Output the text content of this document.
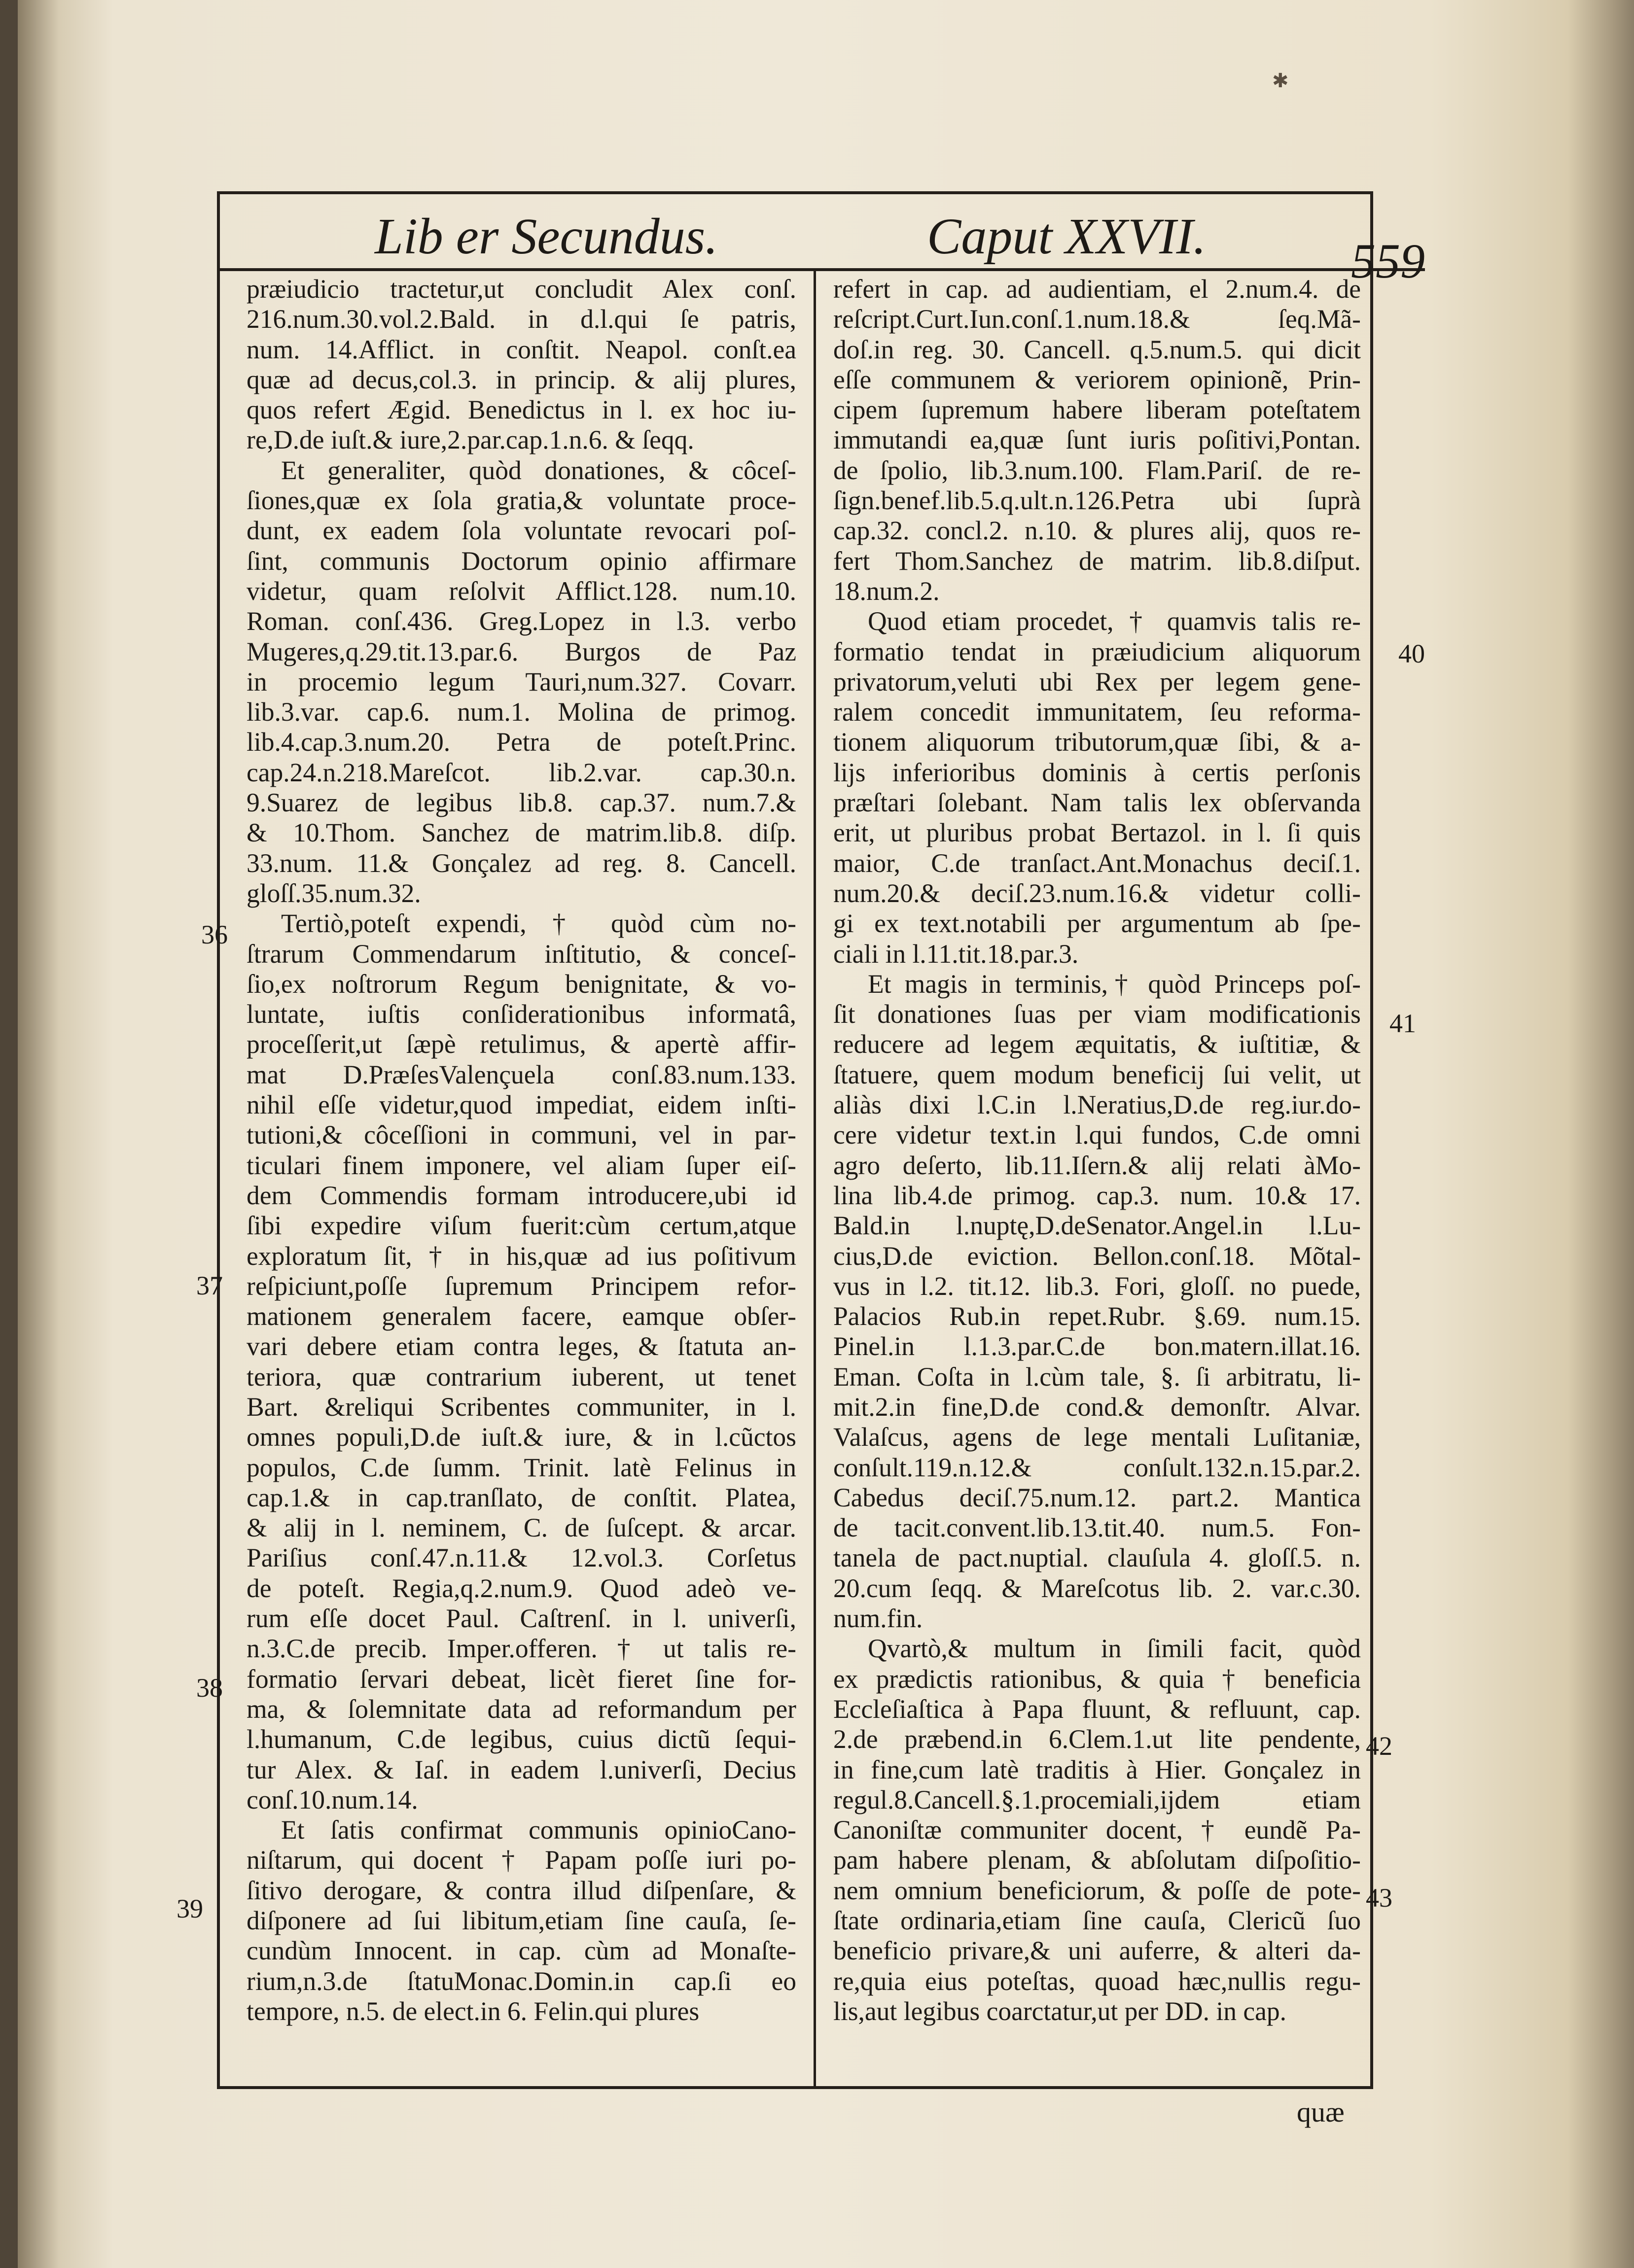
✱
Lib er Secundus.	Caput XXVII.	559
præiudicio tractetur,ut concludit Alex conſ.
216.num.30.vol.2.Bald. in d.l.qui ſe patris,
num. 14.Afflict. in conſtit. Neapol. conſt.ea
quæ ad decus,col.3. in princip. & alij plures,
quos refert Ægid. Benedictus in l. ex hoc iu-
re,D.de iuſt.& iure,2.par.cap.1.n.6. & ſeqq.
Et generaliter, quòd donationes, & côceſ-
ſiones,quæ ex ſola gratia,& voluntate proce-
dunt, ex eadem ſola voluntate revocari poſ-
ſint, communis Doctorum opinio affirmare
videtur, quam reſolvit Afflict.128. num.10.
Roman. conſ.436. Greg.Lopez in l.3. verbo
Mugeres,q.29.tit.13.par.6. Burgos de Paz
in procemio legum Tauri,num.327. Covarr.
lib.3.var. cap.6. num.1. Molina de primog.
lib.4.cap.3.num.20. Petra de poteſt.Princ.
cap.24.n.218.Mareſcot. lib.2.var. cap.30.n.
9.Suarez de legibus lib.8. cap.37. num.7.&
& 10.Thom. Sanchez de matrim.lib.8. diſp.
33.num. 11.& Gonçalez ad reg. 8. Cancell.
gloſſ.35.num.32.
Tertiò,poteſt expendi, † quòd cùm no-
ſtrarum Commendarum inſtitutio, & conceſ-
ſio,ex noſtrorum Regum benignitate, & vo-
luntate, iuſtis conſiderationibus informatâ,
proceſſerit,ut ſæpè retulimus, & apertè affir-
mat D.PræſesValençuela conſ.83.num.133.
nihil eſſe videtur,quod impediat, eidem inſti-
tutioni,& côceſſioni in communi, vel in par-
ticulari finem imponere, vel aliam ſuper eiſ-
dem Commendis formam introducere,ubi id
ſibi expedire viſum fuerit:cùm certum,atque
exploratum ſit, † in his,quæ ad ius poſitivum
reſpiciunt,poſſe ſupremum Principem refor-
mationem generalem facere, eamque obſer-
vari debere etiam contra leges, & ſtatuta an-
teriora, quæ contrarium iuberent, ut tenet
Bart. &reliqui Scribentes communiter, in l.
omnes populi,D.de iuſt.& iure, & in l.cũctos
populos, C.de ſumm. Trinit. latè Felinus in
cap.1.& in cap.tranſlato, de conſtit. Platea,
& alij in l. neminem, C. de ſuſcept. & arcar.
Pariſius conſ.47.n.11.& 12.vol.3. Corſetus
de poteſt. Regia,q.2.num.9. Quod adeò ve-
rum eſſe docet Paul. Caſtrenſ. in l. univerſi,
n.3.C.de precib. Imper.offeren. † ut talis re-
formatio ſervari debeat, licèt fieret ſine for-
ma, & ſolemnitate data ad reformandum per
l.humanum, C.de legibus, cuius dictũ ſequi-
tur Alex. & Iaſ. in eadem l.univerſi, Decius
conſ.10.num.14.
Et ſatis confirmat communis opinioCano-
niſtarum, qui docent † Papam poſſe iuri po-
ſitivo derogare, & contra illud diſpenſare, &
diſponere ad ſui libitum,etiam ſine cauſa, ſe-
cundùm Innocent. in cap. cùm ad Monaſte-
rium,n.3.de ſtatuMonac.Domin.in cap.ſi eo
tempore, n.5. de elect.in 6. Felin.qui plures
refert in cap. ad audientiam, el 2.num.4. de
reſcript.Curt.Iun.conſ.1.num.18.& ſeq.Mã-
doſ.in reg. 30. Cancell. q.5.num.5. qui dicit
eſſe communem & veriorem opinionẽ, Prin-
cipem ſupremum habere liberam poteſtatem
immutandi ea,quæ ſunt iuris poſitivi,Pontan.
de ſpolio, lib.3.num.100. Flam.Pariſ. de re-
ſign.benef.lib.5.q.ult.n.126.Petra ubi ſuprà
cap.32. concl.2. n.10. & plures alij, quos re-
fert Thom.Sanchez de matrim. lib.8.diſput.
18.num.2.
Quod etiam procedet, † quamvis talis re-
formatio tendat in præiudicium aliquorum
privatorum,veluti ubi Rex per legem gene-
ralem concedit immunitatem, ſeu reforma-
tionem aliquorum tributorum,quæ ſibi, & a-
lijs inferioribus dominis à certis perſonis
præſtari ſolebant. Nam talis lex obſervanda
erit, ut pluribus probat Bertazol. in l. ſi quis
maior, C.de tranſact.Ant.Monachus deciſ.1.
num.20.& deciſ.23.num.16.& videtur colli-
gi ex text.notabili per argumentum ab ſpe-
ciali in l.11.tit.18.par.3.
Et magis in terminis,† quòd Princeps poſ-
ſit donationes ſuas per viam modificationis
reducere ad legem æquitatis, & iuſtitiæ, &
ſtatuere, quem modum beneficij ſui velit, ut
aliàs dixi l.C.in l.Neratius,D.de reg.iur.do-
cere videtur text.in l.qui fundos, C.de omni
agro deſerto, lib.11.Iſern.& alij relati àMo-
lina lib.4.de primog. cap.3. num. 10.& 17.
Bald.in l.nuptę,D.deSenator.Angel.in l.Lu-
cius,D.de eviction. Bellon.conſ.18. Mõtal-
vus in l.2. tit.12. lib.3. Fori, gloſſ. no puede,
Palacios Rub.in repet.Rubr. §.69. num.15.
Pinel.in l.1.3.par.C.de bon.matern.illat.16.
Eman. Coſta in l.cùm tale, §. ſi arbitratu, li-
mit.2.in fine,D.de cond.& demonſtr. Alvar.
Valaſcus, agens de lege mentali Luſitaniæ,
conſult.119.n.12.& conſult.132.n.15.par.2.
Cabedus deciſ.75.num.12. part.2. Mantica
de tacit.convent.lib.13.tit.40. num.5. Fon-
tanela de pact.nuptial. clauſula 4. gloſſ.5. n.
20.cum ſeqq. & Mareſcotus lib. 2. var.c.30.
num.fin.
Qvartò,& multum in ſimili facit, quòd
ex prædictis rationibus, & quia † beneficia
Eccleſiaſtica à Papa fluunt, & refluunt, cap.
2.de præbend.in 6.Clem.1.ut lite pendente,
in fine,cum latè traditis à Hier. Gonçalez in
regul.8.Cancell.§.1.procemiali,ijdem etiam
Canoniſtæ communiter docent, † eundẽ Pa-
pam habere plenam, & abſolutam diſpoſitio-
nem omnium beneficiorum, & poſſe de pote-
ſtate ordinaria,etiam ſine cauſa, Clericũ ſuo
beneficio privare,& uni auferre, & alteri da-
re,quia eius poteſtas, quoad hæc,nullis regu-
lis,aut legibus coarctatur,ut per DD. in cap.
36
37
38
39
40
41
42
43
quæ
